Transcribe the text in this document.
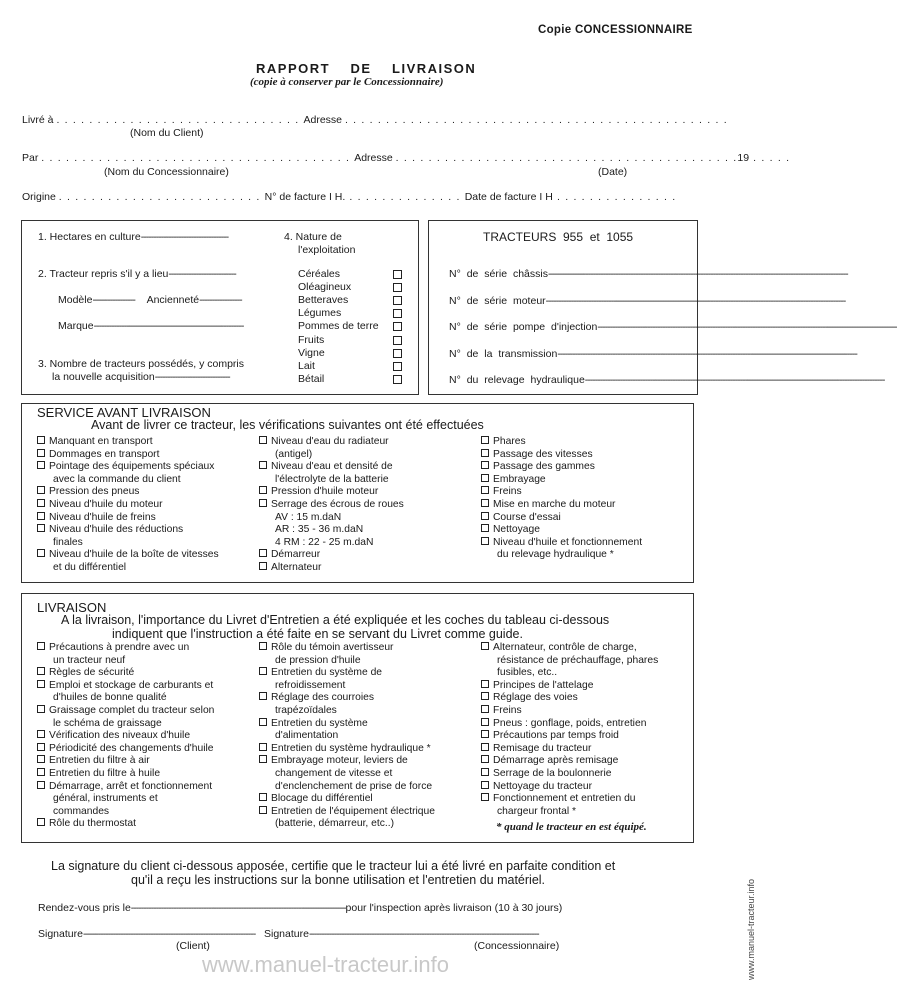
Copie CONCESSIONNAIRE
RAPPORT    DE    LIVRAISON
(copie à conserver par le Concessionnaire)
Livré à . . . . . . . . . . . . . . . . . . . . . . . . . . . . . . Adresse . . . . . . . . . . . . . . . . . . . . . . . . . . . . . . . . . . . . . . . . . . . . . . .
(Nom du Client)
Par . . . . . . . . . . . . . . . . . . . . . . . . . . . . . . . . . . . . . . Adresse . . . . . . . . . . . . . . . . . . . . . . . . . . . . . . . . . . . . . . . . . .19 . . . . .
(Nom du Concessionnaire)	(Date)
Origine . . . . . . . . . . . . . . . . . . . . . . . . . N° de facture I H. . . . . . . . . . . . . . . Date de facture I H . . . . . . . . . . . . . . .
1. Hectares en culture-----------------------------------	4. Nature de
l'exploitation
2. Tracteur repris s'il y a lieu---------------------------
Modèle----------------- Ancienneté-----------------
Marque------------------------------------------------------------
3. Nombre de tracteurs possédés, y compris
la nouvelle acquisition------------------------------
Céréales
Oléagineux
Betteraves
Légumes
Pommes de terre
Fruits
Vigne
Lait
Bétail
TRACTEURS  955  et  1055
N° de série châssis------------------------------------------------------------------------------------------------------------------------
N° de série moteur------------------------------------------------------------------------------------------------------------------------
N° de série pompe d'injection------------------------------------------------------------------------------------------------------------------------
N° de la transmission------------------------------------------------------------------------------------------------------------------------
N° du relevage hydraulique------------------------------------------------------------------------------------------------------------------------
SERVICE AVANT LIVRAISON
Avant de livrer ce tracteur, les vérifications suivantes ont été effectuées
Manquant en transport
Dommages en transport
Pointage des équipements spéciaux
avec la commande du client
Pression des pneus
Niveau d'huile du moteur
Niveau d'huile de freins
Niveau d'huile des réductions
finales
Niveau d'huile de la boîte de vitesses
et du différentiel
Niveau d'eau du radiateur
(antigel)
Niveau d'eau et densité de
l'électrolyte de la batterie
Pression d'huile moteur
Serrage des écrous de roues
AV : 15 m.daN
AR : 35 - 36 m.daN
4 RM : 22 - 25 m.daN
Démarreur
Alternateur
Phares
Passage des vitesses
Passage des gammes
Embrayage
Freins
Mise en marche du moteur
Course d'essai
Nettoyage
Niveau d'huile et fonctionnement
du relevage hydraulique *
LIVRAISON
A la livraison, l'importance du Livret d'Entretien a été expliquée et les coches du tableau ci-dessous
indiquent que l'instruction a été faite en se servant du Livret comme guide.
Précautions à prendre avec un
un tracteur neuf
Règles de sécurité
Emploi et stockage de carburants et
d'huiles de bonne qualité
Graissage complet du tracteur selon
le schéma de graissage
Vérification des niveaux d'huile
Périodicité des changements d'huile
Entretien du filtre à air
Entretien du filtre à huile
Démarrage, arrêt et fonctionnement
général, instruments et
commandes
Rôle du thermostat
Rôle du témoin avertisseur
de pression d'huile
Entretien du système de
refroidissement
Réglage des courroies
trapézoïdales
Entretien du système
d'alimentation
Entretien du système hydraulique *
Embrayage moteur, leviers de
changement de vitesse et
d'enclenchement de prise de force
Blocage du différentiel
Entretien de l'équipement électrique
(batterie, démarreur, etc..)
Alternateur, contrôle de charge,
résistance de préchauffage, phares
fusibles, etc..
Principes de l'attelage
Réglage des voies
Freins
Pneus : gonflage, poids, entretien
Précautions par temps froid
Remisage du tracteur
Démarrage après remisage
Serrage de la boulonnerie
Nettoyage du tracteur
Fonctionnement et entretien du
chargeur frontal *
* quand le tracteur en est équipé.
La signature du client ci-dessous apposée, certifie que le tracteur lui a été livré en parfaite condition et
qu'il a reçu les instructions sur la bonne utilisation et l'entretien du matériel.
Rendez-vous pris le--------------------------------------------------------------------------------------pour l'inspection après livraison (10 à 30 jours)
Signature--------------------------------------------------------------------- Signature--------------------------------------------------------------------------------------------
(Client)	(Concessionnaire)
www.manuel-tracteur.info	www.manuel-tracteur.info
